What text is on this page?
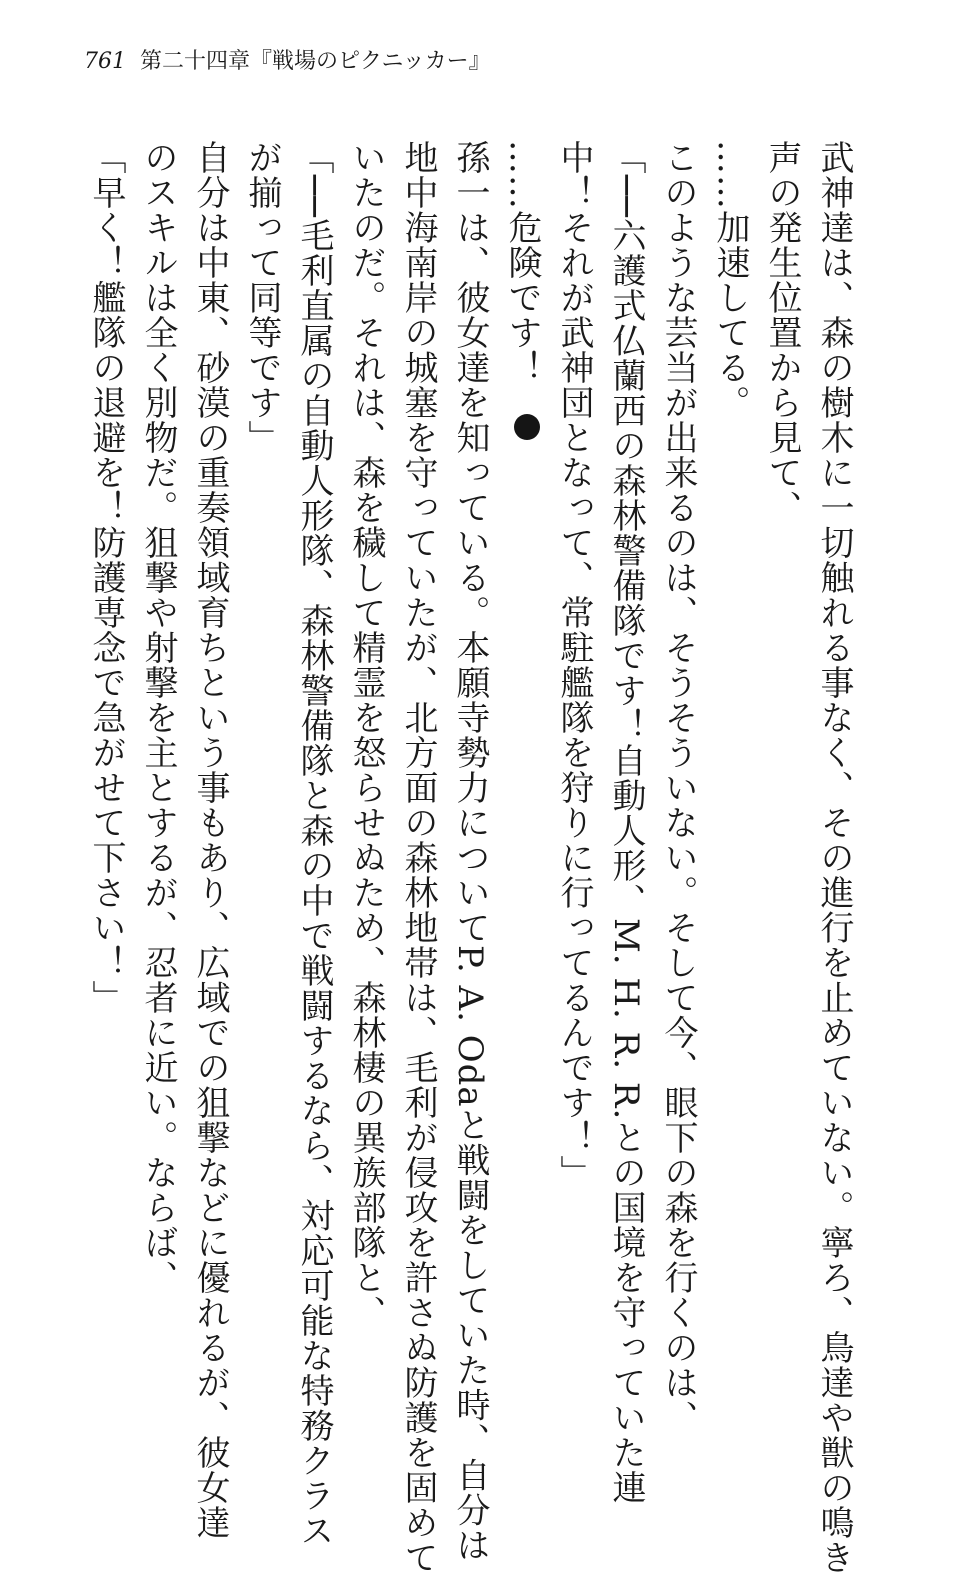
761 第二十四章『戦場のピクニッカー』
武神達は、森の樹木に一切触れる事なく、その進行を止めていない。寧ろ、鳥達や獣の鳴き
声の発生位置から見て、
……加速してる。
このような芸当が出来るのは、そうそういない。そして今、眼下の森を行くのは、
「──六護式仏蘭西の森林警備隊です！自動人形、M. H. R. R.との国境を守っていた連
中！それが武神団となって、常駐艦隊を狩りに行ってるんです！」
……危険です！
孫一は、彼女達を知っている。本願寺勢力についてP. A. Odaと戦闘をしていた時、自分は
地中海南岸の城塞を守っていたが、北方面の森林地帯は、毛利が侵攻を許さぬ防護を固めて
いたのだ。それは、森を穢して精霊を怒らせぬため、森林棲の異族部隊と、
「──毛利直属の自動人形隊、森林警備隊と森の中で戦闘するなら、対応可能な特務クラス
が揃って同等です」
自分は中東、砂漠の重奏領域育ちという事もあり、広域での狙撃などに優れるが、彼女達
のスキルは全く別物だ。狙撃や射撃を主とするが、忍者に近い。ならば、
「早く！艦隊の退避を！防護専念で急がせて下さい！」
